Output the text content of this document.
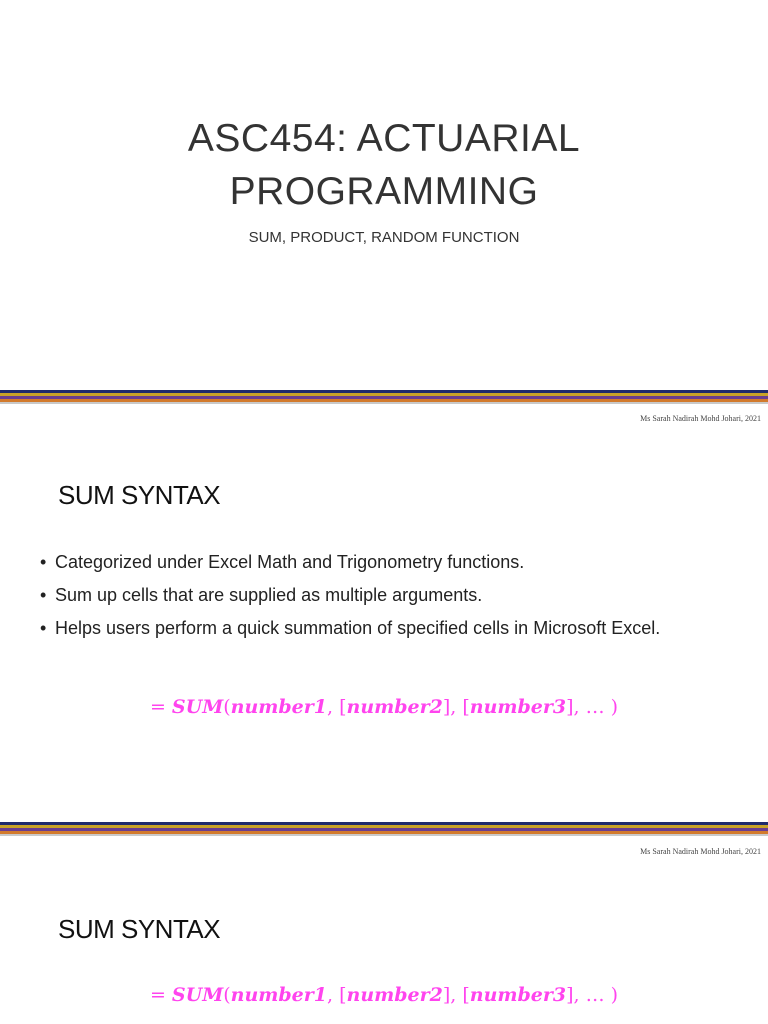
ASC454: ACTUARIAL
PROGRAMMING
SUM, PRODUCT, RANDOM FUNCTION
Ms Sarah Nadirah Mohd Johari, 2021
SUM SYNTAX
• Categorized under Excel Math and Trigonometry functions.
• Sum up cells that are supplied as multiple arguments.
• Helps users perform a quick summation of specified cells in Microsoft Excel.
= SUM(number1, [number2], [number3], … )
Ms Sarah Nadirah Mohd Johari, 2021
SUM SYNTAX
= SUM(number1, [number2], [number3], … )
